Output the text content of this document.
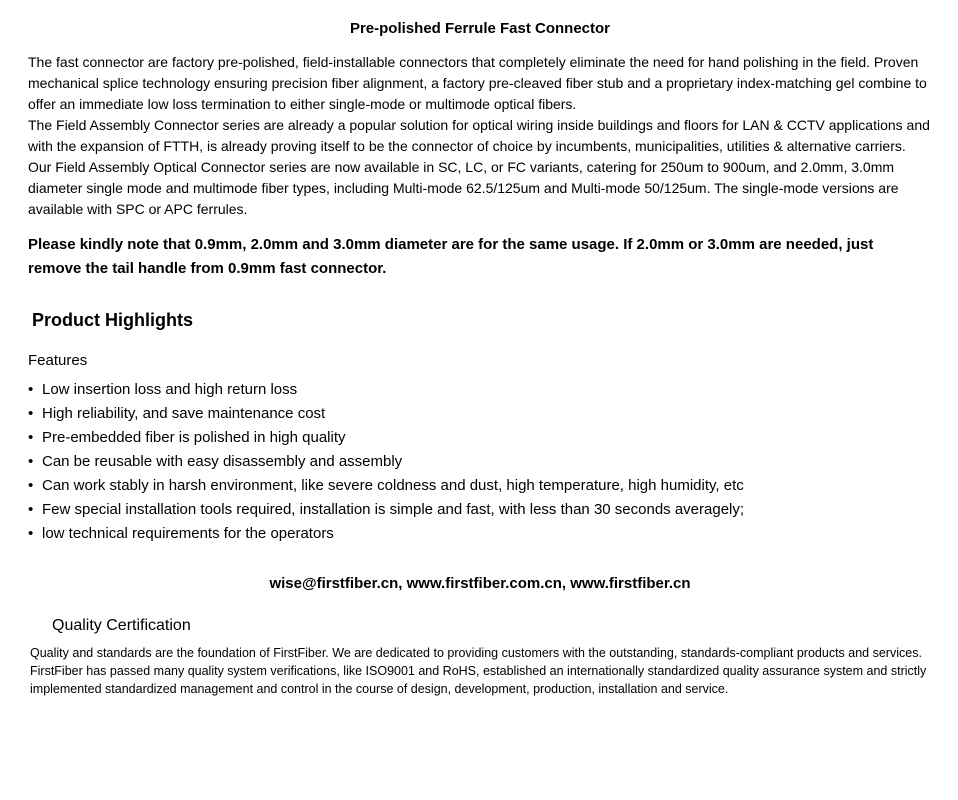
Pre-polished Ferrule Fast Connector

The fast connector are factory pre-polished, field-installable connectors that completely eliminate the need for hand polishing in the field. Proven mechanical splice technology ensuring precision fiber alignment, a factory pre-cleaved fiber stub and a proprietary index-matching gel combine to offer an immediate low loss termination to either single-mode or multimode optical fibers.

The Field Assembly Connector series are already a popular solution for optical wiring inside buildings and floors for LAN & CCTV applications and with the expansion of FTTH, is already proving itself to be the connector of choice by incumbents, municipalities, utilities & alternative carriers. Our Field Assembly Optical Connector series are now available in SC, LC, or FC variants, catering for 250um to 900um, and 2.0mm, 3.0mm diameter single mode and multimode fiber types, including Multi-mode 62.5/125um and Multi-mode 50/125um. The single-mode versions are available with SPC or APC ferrules.

Please kindly note that 0.9mm, 2.0mm and 3.0mm diameter are for the same usage. If 2.0mm or 3.0mm are needed, just remove the tail handle from 0.9mm fast connector.

Product Highlights
Features
• Low insertion loss and high return loss
• High reliability, and save maintenance cost
• Pre-embedded fiber is polished in high quality
• Can be reusable with easy disassembly and assembly
• Can work stably in harsh environment, like severe coldness and dust, high temperature, high humidity, etc
• Few special installation tools required, installation is simple and fast, with less than 30 seconds averagely;
• low technical requirements for the operators
wise@firstfiber.cn, www.firstfiber.com.cn, www.firstfiber.cn
Quality Certification

Quality and standards are the foundation of FirstFiber. We are dedicated to providing customers with the outstanding, standards-compliant products and services. FirstFiber has passed many quality system verifications, like ISO9001 and RoHS, established an internationally standardized quality assurance system and strictly implemented standardized management and control in the course of design, development, production, installation and service.
